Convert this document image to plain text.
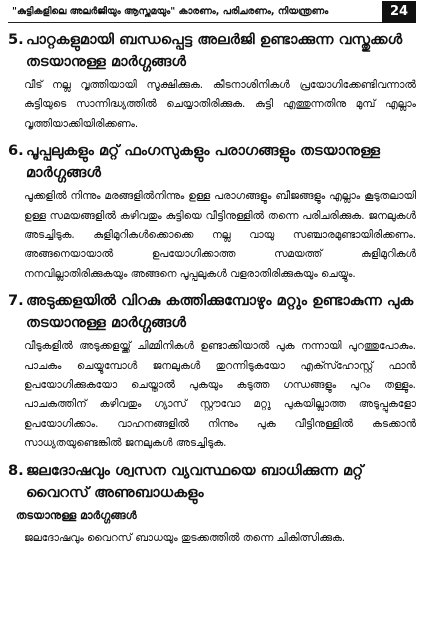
"കുട്ടികളിലെ അലർജിയും ആസ്തമയും" കാരണം, പരിചരണം, നിയന്ത്രണം	24
5. പാറ്റകളുമായി ബന്ധപ്പെട്ട അലർജി ഉണ്ടാക്കുന്ന വസ്തുക്കൾ തടയാനുള്ള മാർഗ്ഗങ്ങൾ

വീട് നല്ല വൃത്തിയായി സൂക്ഷിക്കുക. കീടനാശിനികൾ പ്രയോഗിക്കേണ്ടിവന്നാൽ കുട്ടിയുടെ സാന്നിദ്ധ്യത്തിൽ ചെയ്യാതിരിക്കുക. കുട്ടി എത്തുന്നതിനു മുമ്പ് എല്ലാം വൃത്തിയാക്കിയിരിക്കണം.

6. പൂപ്പലുകളും മറ്റ് ഫംഗസുകളും പരാഗങ്ങളും തടയാനുള്ള മാർഗ്ഗങ്ങൾ

പൂക്കളിൽ നിന്നും മരങ്ങളിൽനിന്നും ഉള്ള പരാഗങ്ങളും ബീജങ്ങളും എല്ലാം കൂടുതലായി ഉള്ള സമയങ്ങളിൽ കഴിവതും കുട്ടിയെ വീട്ടിനുള്ളിൽ തന്നെ പരിചരിക്കുക. ജനലുകൾ അടച്ചിടുക. കുളിമുറികൾക്കൊക്കെ നല്ല വായു സഞ്ചാരമുണ്ടായിരിക്കണം. അങ്ങനെയായാൽ ഉപയോഗിക്കാത്ത സമയത്ത് കുളിമുറികൾ നനവില്ലാതിരിക്കുകയും അങ്ങനെ പൂപ്പലുകൾ വളരാതിരിക്കുകയും ചെയ്യും.

7. അടുക്കളയിൽ വിറകു കത്തിക്കുമ്പോഴും മറ്റും ഉണ്ടാകുന്ന പുക തടയാനുള്ള മാർഗ്ഗങ്ങൾ

വീടുകളിൽ അടുക്കളയ്ക്ക് ചിമ്മിനികൾ ഉണ്ടാക്കിയാൽ പുക നന്നായി പുറത്തുപോകും. പാചകം ചെയ്യുമ്പോൾ ജനലുകൾ തുറന്നിടുകയോ എക്സ്ഹോസ്റ്റ് ഫാൻ ഉപയോഗിക്കുകയോ ചെയ്താൽ പുകയും കടുത്ത ഗന്ധങ്ങളും പുറം തള്ളും. പാചകത്തിന് കഴിവതും ഗ്യാസ് സ്റ്റൗവോ മറ്റു പുകയില്ലാത്ത അടുപ്പുകളോ ഉപയോഗിക്കാം. വാഹനങ്ങളിൽ നിന്നും പുക വീട്ടിനുള്ളിൽ കടക്കാൻ സാധ്യതയുണ്ടെങ്കിൽ ജനലുകൾ അടച്ചിടുക.

8. ജലദോഷവും ശ്വസന വ്യവസ്ഥയെ ബാധിക്കുന്ന മറ്റ് വൈറസ് അണുബാധകളും
തടയാനുള്ള മാർഗ്ഗങ്ങൾ

ജലദോഷവും വൈറസ് ബാധയും തുടക്കത്തിൽ തന്നെ ചികിത്സിക്കുക.
